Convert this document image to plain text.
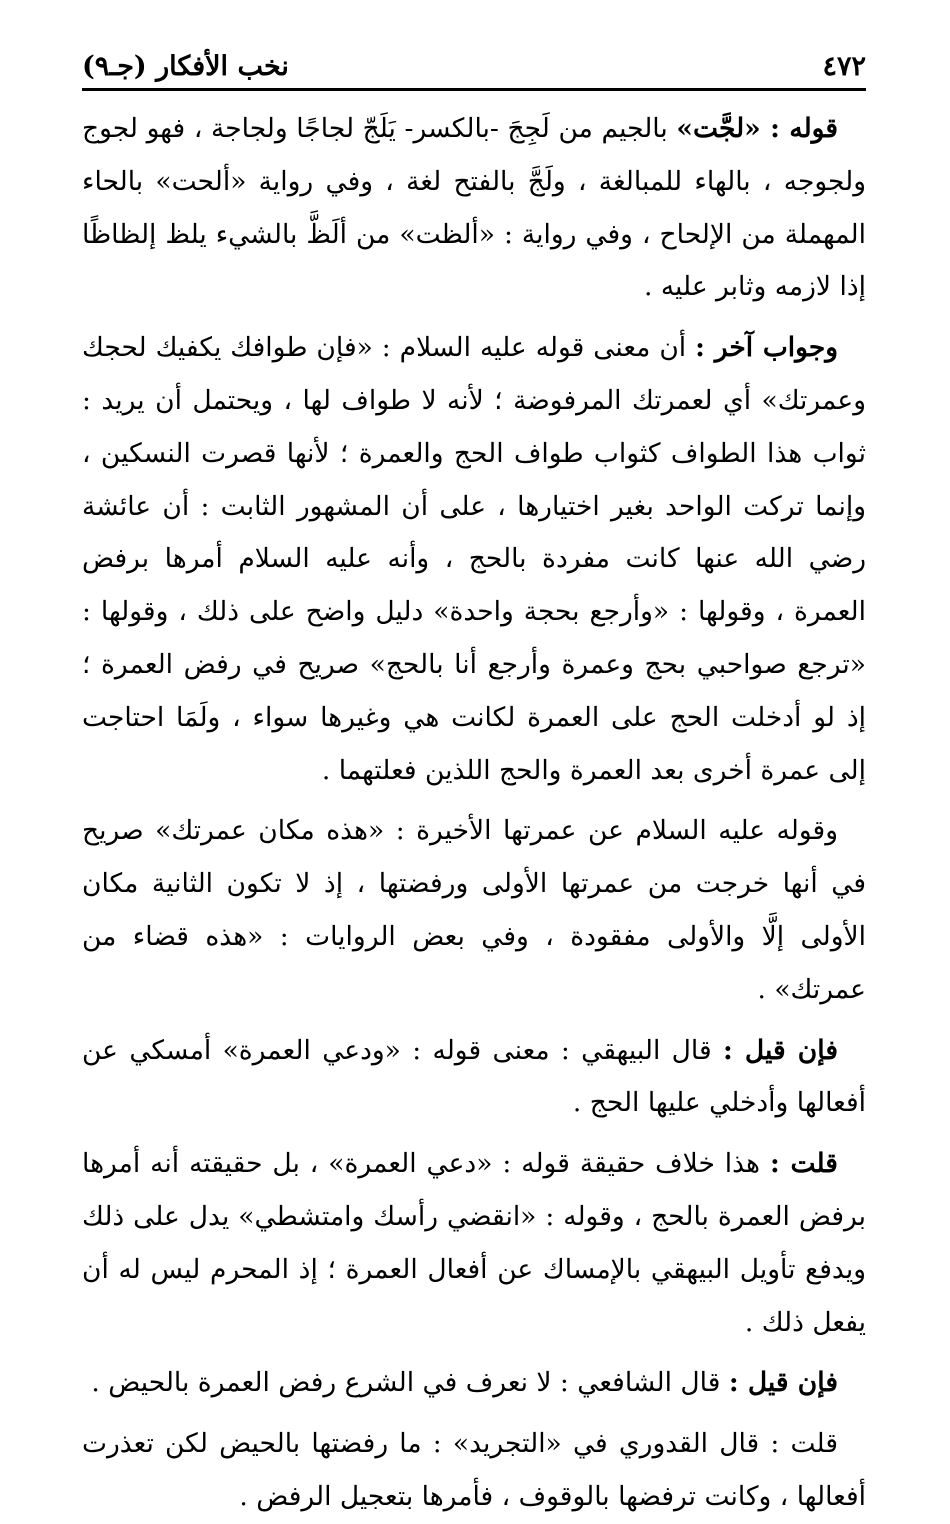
٤٧٢
نخب الأفكار (جـ٩)

قوله : «لجَّت» بالجيم من لَجِجَ -بالكسر- يَلَجّ لجاجًا ولجاجة ، فهو لجوج ولجوجه ، بالهاء للمبالغة ، ولَجَّ بالفتح لغة ، وفي رواية «ألحت» بالحاء المهملة من الإلحاح ، وفي رواية : «ألظت» من ألَظَّ بالشيء يلظ إلظاظًا إذا لازمه وثابر عليه .

وجواب آخر : أن معنى قوله عليه السلام : «فإن طوافك يكفيك لحجك وعمرتك» أي لعمرتك المرفوضة ؛ لأنه لا طواف لها ، ويحتمل أن يريد : ثواب هذا الطواف كثواب طواف الحج والعمرة ؛ لأنها قصرت النسكين ، وإنما تركت الواحد بغير اختيارها ، على أن المشهور الثابت : أن عائشة رضي الله عنها كانت مفردة بالحج ، وأنه عليه السلام أمرها برفض العمرة ، وقولها : «وأرجع بحجة واحدة» دليل واضح على ذلك ، وقولها : «ترجع صواحبي بحج وعمرة وأرجع أنا بالحج» صريح في رفض العمرة ؛ إذ لو أدخلت الحج على العمرة لكانت هي وغيرها سواء ، ولَمَا احتاجت إلى عمرة أخرى بعد العمرة والحج اللذين فعلتهما .

وقوله عليه السلام عن عمرتها الأخيرة : «هذه مكان عمرتك» صريح في أنها خرجت من عمرتها الأولى ورفضتها ، إذ لا تكون الثانية مكان الأولى إلَّا والأولى مفقودة ، وفي بعض الروايات : «هذه قضاء من عمرتك» .

فإن قيل : قال البيهقي : معنى قوله : «ودعي العمرة» أمسكي عن أفعالها وأدخلي عليها الحج .

قلت : هذا خلاف حقيقة قوله : «دعي العمرة» ، بل حقيقته أنه أمرها برفض العمرة بالحج ، وقوله : «انقضي رأسك وامتشطي» يدل على ذلك ويدفع تأويل البيهقي بالإمساك عن أفعال العمرة ؛ إذ المحرم ليس له أن يفعل ذلك .

فإن قيل : قال الشافعي : لا نعرف في الشرع رفض العمرة بالحيض .

قلت : قال القدوري في «التجريد» : ما رفضتها بالحيض لكن تعذرت أفعالها ، وكانت ترفضها بالوقوف ، فأمرها بتعجيل الرفض .
